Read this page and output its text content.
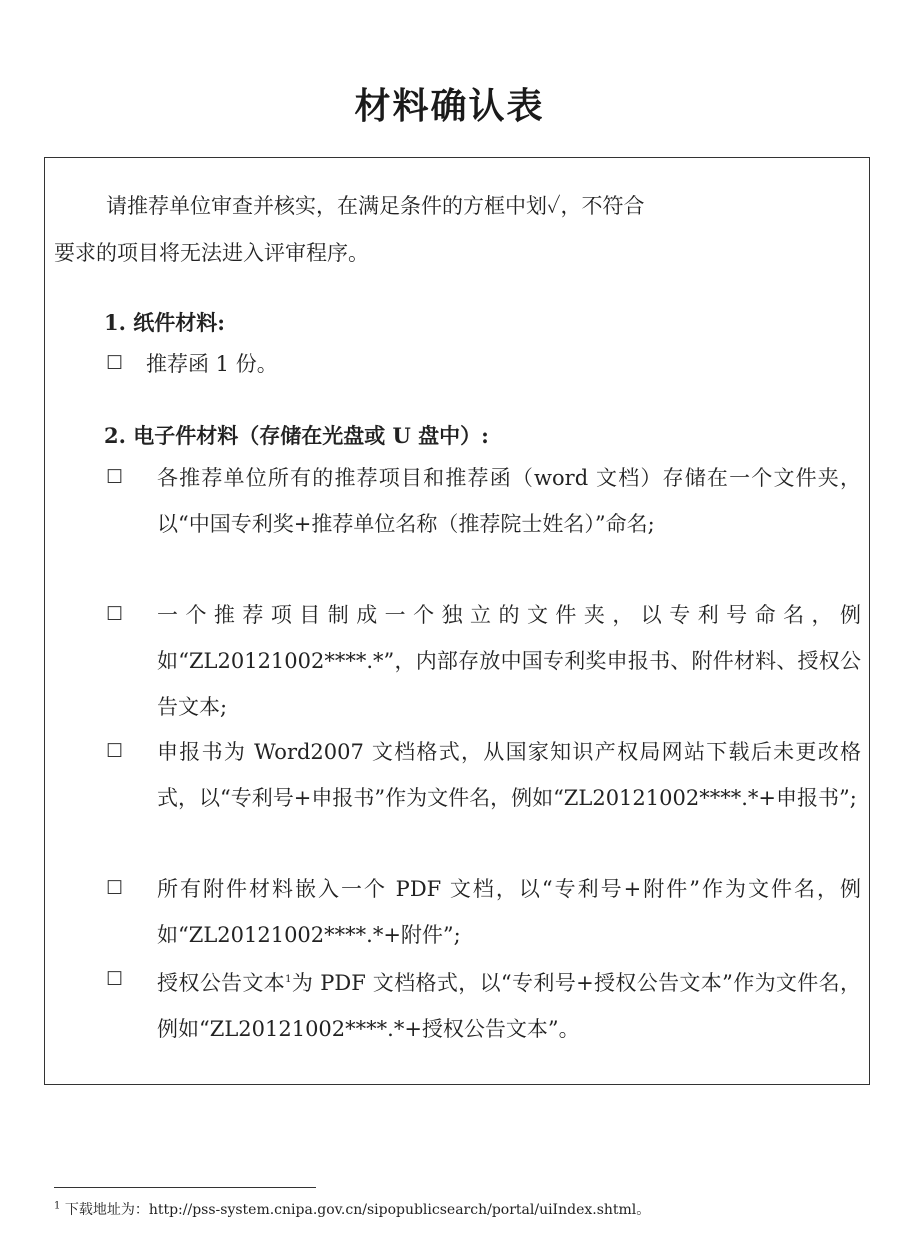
材料确认表
请推荐单位审查并核实，在满足条件的方框中划✓，不符合
要求的项目将无法进入评审程序。
1. 纸件材料:
☐ 推荐函 1 份。
2. 电子件材料（存储在光盘或 U 盘中）:
☐ 各推荐单位所有的推荐项目和推荐函（word 文档）存储在一个文件夹，以“中国专利奖+推荐单位名称（推荐院士姓名）”命名;
☐ 一个推荐项目制成一个独立的文件夹，以专利号命名，例如“ZL20121002****.*”，内部存放中国专利奖申报书、附件材料、授权公告文本;
☐ 申报书为 Word2007 文档格式，从国家知识产权局网站下载后未更改格式，以“专利号+申报书”作为文件名，例如“ZL20121002****.*+申报书”;
☐ 所有附件材料嵌入一个 PDF 文档，以“专利号+附件”作为文件名，例如“ZL20121002****.*+附件”;
☐ 授权公告文本$^1$为 PDF 文档格式，以“专利号+授权公告文本”作为文件名，例如“ZL20121002****.*+授权公告文本”。
$^1$ 下载地址为：http://pss-system.cnipa.gov.cn/sipopublicsearch/portal/uiIndex.shtml。
